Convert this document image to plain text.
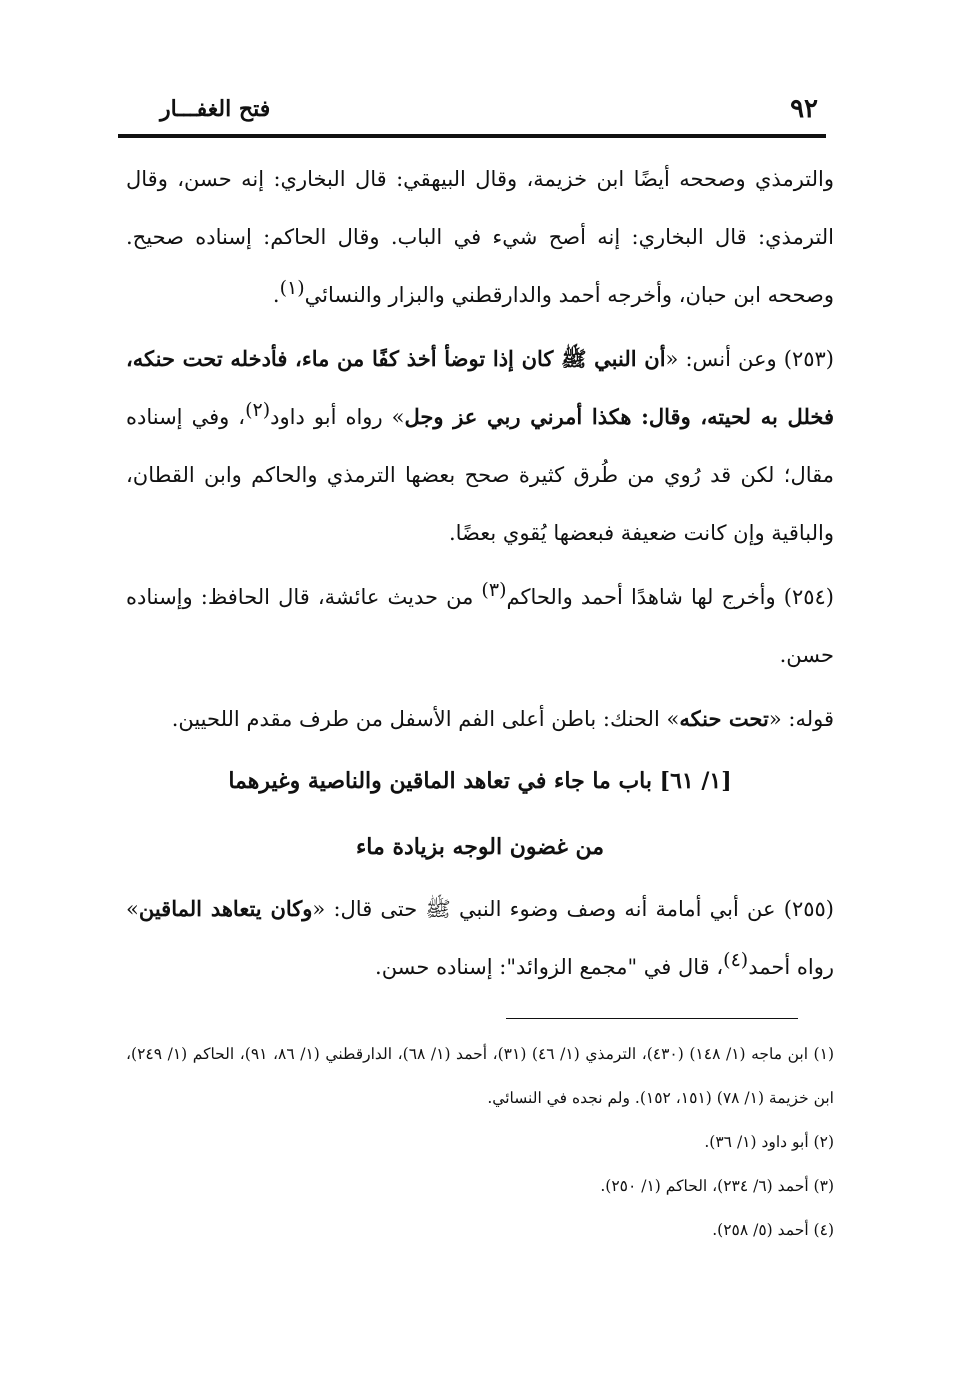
٩٢
فتح الغفـــار

والترمذي وصححه أيضًا ابن خزيمة، وقال البيهقي: قال البخاري: إنه حسن، وقال الترمذي: قال البخاري: إنه أصح شيء في الباب. وقال الحاكم: إسناده صحيح. وصححه ابن حبان، وأخرجه أحمد والدارقطني والبزار والنسائي(١).

(٢٥٣) وعن أنس: «أن النبي ﷺ كان إذا توضأ أخذ كفًا من ماء، فأدخله تحت حنكه، فخلل به لحيته، وقال: هكذا أمرني ربي عز وجل» رواه أبو داود(٢)، وفي إسناده مقال؛ لكن قد رُوي من طُرق كثيرة صحح بعضها الترمذي والحاكم وابن القطان، والباقية وإن كانت ضعيفة فبعضها يُقوي بعضًا.

(٢٥٤) وأخرج لها شاهدًا أحمد والحاكم(٣) من حديث عائشة، قال الحافظ: وإسناده حسن.

قوله: «تحت حنكه» الحنك: باطن أعلى الفم الأسفل من طرف مقدم اللحيين.

[١/ ٦١] باب ما جاء في تعاهد الماقين والناصية وغيرهما

من غضون الوجه بزيادة ماء

(٢٥٥) عن أبي أمامة أنه وصف وضوء النبي ﷺ حتى قال: «وكان يتعاهد الماقين» رواه أحمد(٤)، قال في "مجمع الزوائد": إسناده حسن.

(١) ابن ماجه (١/ ١٤٨) (٤٣٠)، الترمذي (١/ ٤٦) (٣١)، أحمد (١/ ٦٨)، الدارقطني (١/ ٨٦، ٩١)، الحاكم (١/ ٢٤٩)، ابن خزيمة (١/ ٧٨) (١٥١، ١٥٢). ولم نجده في النسائي.

(٢) أبو داود (١/ ٣٦).

(٣) أحمد (٦/ ٢٣٤)، الحاكم (١/ ٢٥٠).

(٤) أحمد (٥/ ٢٥٨).
